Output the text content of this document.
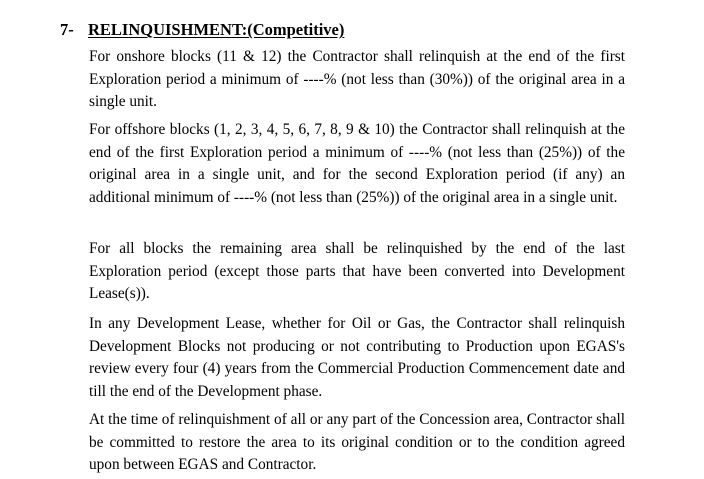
7- RELINQUISHMENT:(Competitive)

For onshore blocks (11 & 12) the Contractor shall relinquish at the end of the first Exploration period a minimum of ----% (not less than (30%)) of the original area in a single unit.

For offshore blocks (1, 2, 3, 4, 5, 6, 7, 8, 9 & 10) the Contractor shall relinquish at the end of the first Exploration period a minimum of ----% (not less than (25%)) of the original area in a single unit, and for the second Exploration period (if any) an additional minimum of ----% (not less than (25%)) of the original area in a single unit.

For all blocks the remaining area shall be relinquished by the end of the last Exploration period (except those parts that have been converted into Development Lease(s)).

In any Development Lease, whether for Oil or Gas, the Contractor shall relinquish Development Blocks not producing or not contributing to Production upon EGAS's review every four (4) years from the Commercial Production Commencement date and till the end of the Development phase.

At the time of relinquishment of all or any part of the Concession area, Contractor shall be committed to restore the area to its original condition or to the condition agreed upon between EGAS and Contractor.
